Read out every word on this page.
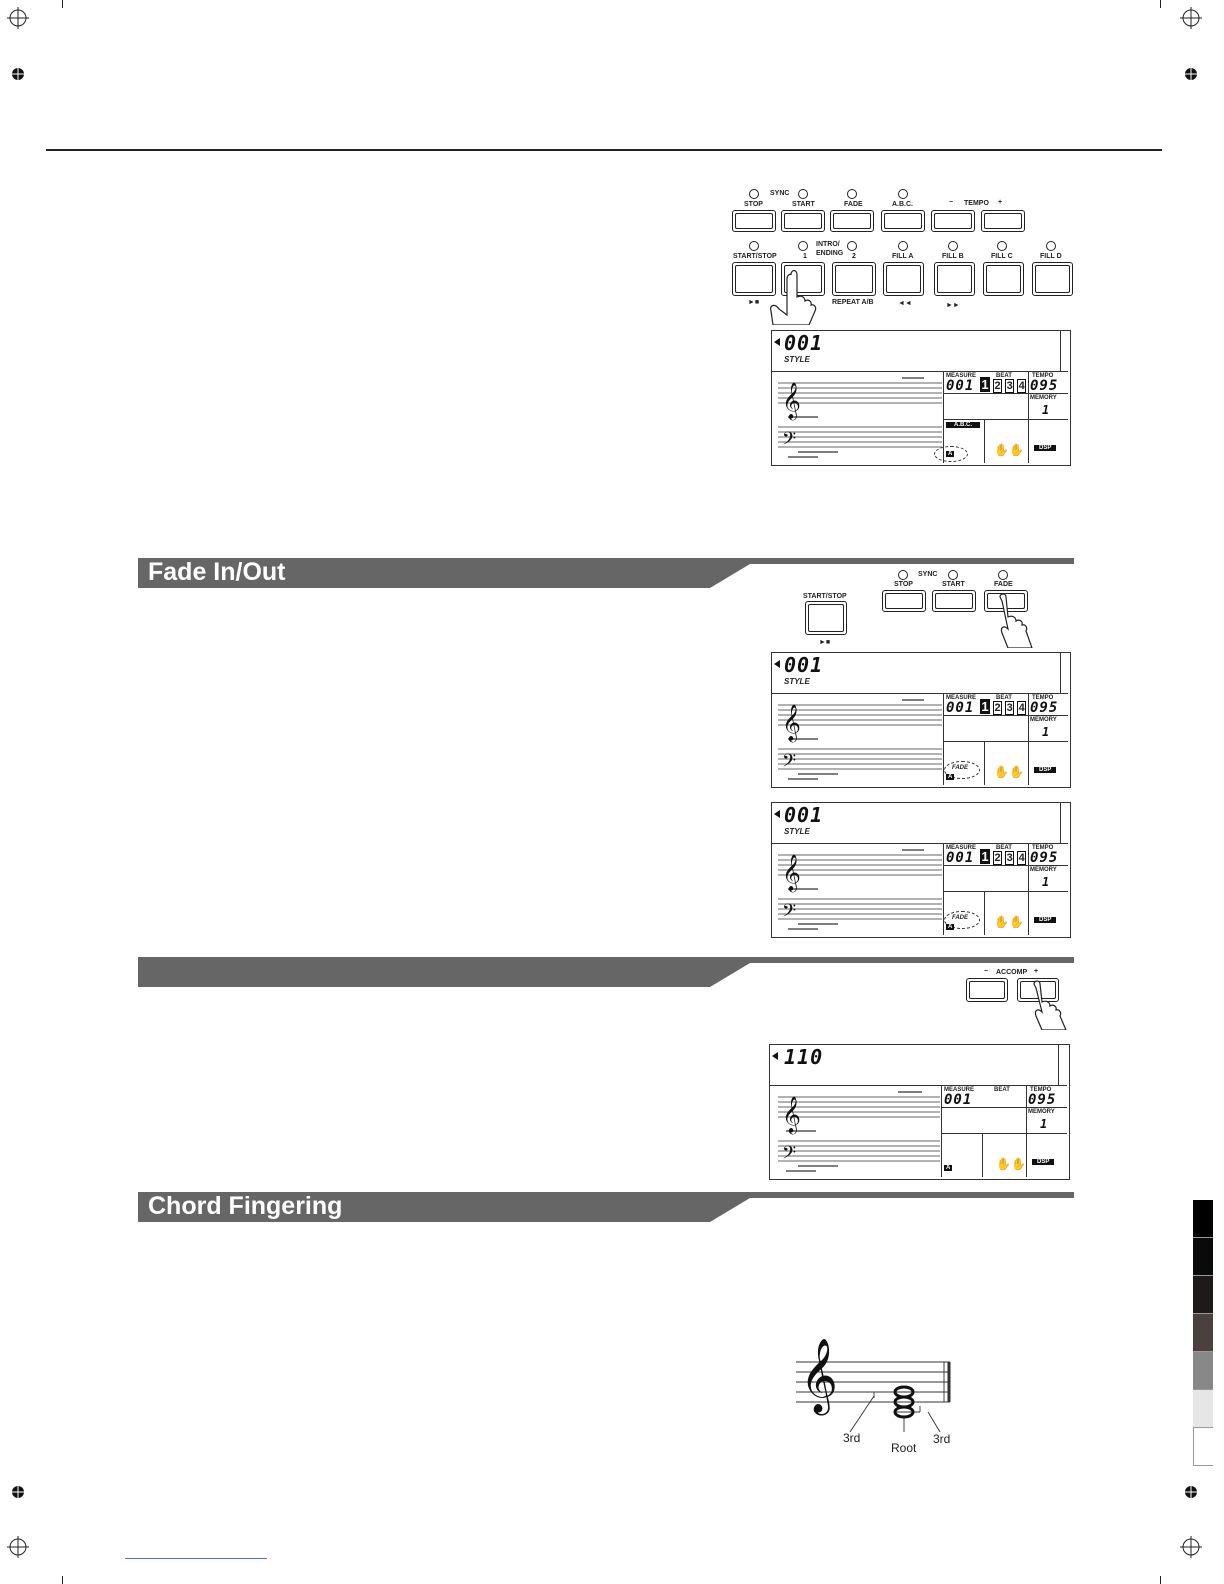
SYNC
− TEMPO +
STOP	START	FADE	A.B.C.
INTRO/
ENDING
START/STOP	1	2	FILL A	FILL B	FILL C	FILL D
►■	REPEAT A/B	◄◄	►►
001
STYLE
𝄞
𝄢
MEASURE
001
BEAT
1 2 3 4
TEMPO
095
MEMORY
1
A.B.C.
A	✋✋	DSP
Fade In/Out
START/STOP
►■
SYNC
STOP	START	FADE
001
STYLE
𝄞
𝄢
MEASURE
001
BEAT
1 2 3 4
TEMPO
095
MEMORY
1
FADE
A	✋✋	DSP
001
STYLE
𝄞
𝄢
MEASURE
001
BEAT
1 2 3 4
TEMPO
095
MEMORY
1
FADE
A	✋✋	DSP
− ACCOMP +
110
𝄞
𝄢
MEASURE
001
BEAT	TEMPO
095
MEMORY
1
A	✋✋	DSP
Chord Fingering
𝄞
3rd
Root
3rd
